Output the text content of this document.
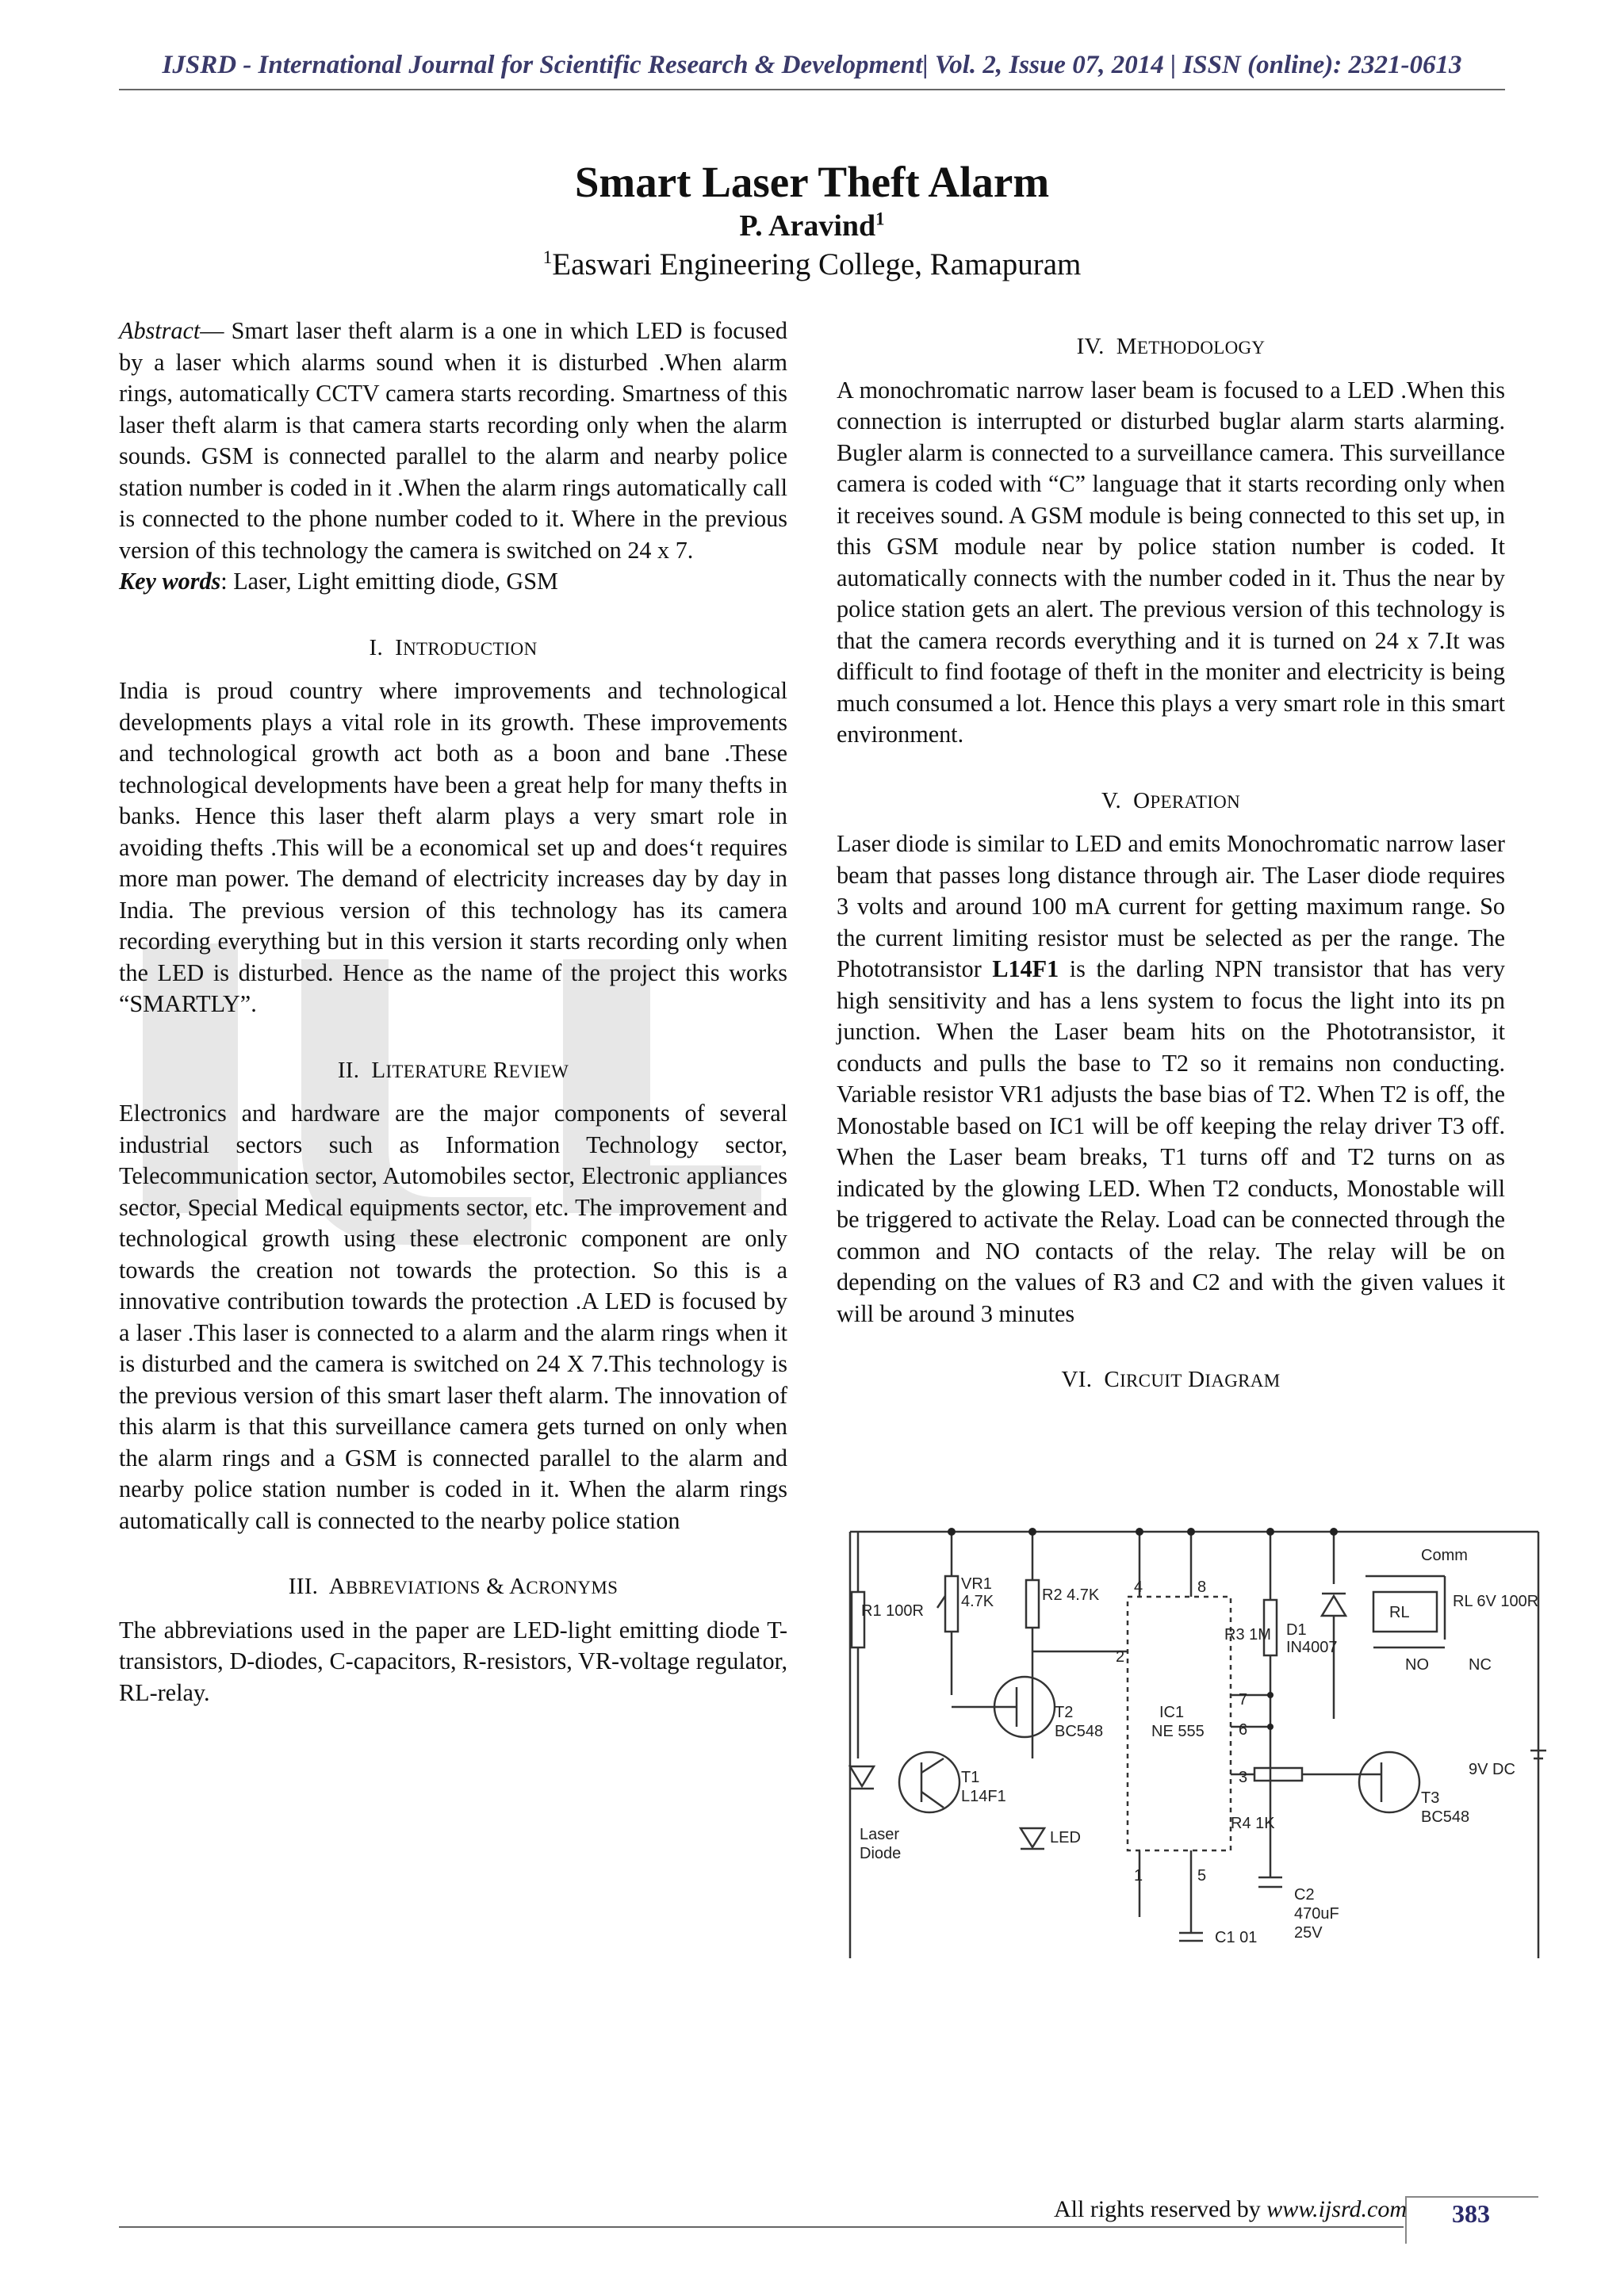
IJSRD - International Journal for Scientific Research & Development| Vol. 2, Issue 07, 2014 | ISSN (online): 2321-0613
Smart Laser Theft Alarm
P. Aravind$^1$
$^1$Easwari Engineering College, Ramapuram

Abstract— Smart laser theft alarm is a one in which LED is focused by a laser which alarms sound when it is disturbed .When alarm rings, automatically CCTV camera starts recording. Smartness of this laser theft alarm is that camera starts recording only when the alarm sounds. GSM is connected parallel to the alarm and nearby police station number is coded in it .When the alarm rings automatically call is connected to the phone number coded to it. Where in the previous version of this technology the camera is switched on 24 x 7.

Key words: Laser, Light emitting diode, GSM

I. INTRODUCTION

India is proud country where improvements and technological developments plays a vital role in its growth. These improvements and technological growth act both as a boon and bane .These technological developments have been a great help for many thefts in banks. Hence this laser theft alarm plays a very smart role in avoiding thefts .This will be a economical set up and does‘t requires more man power. The demand of electricity increases day by day in India. The previous version of this technology has its camera recording everything but in this version it starts recording only when the LED is disturbed. Hence as the name of the project this works “SMARTLY”.

II. LITERATURE REVIEW

Electronics and hardware are the major components of several industrial sectors such as Information Technology sector, Telecommunication sector, Automobiles sector, Electronic appliances sector, Special Medical equipments sector, etc. The improvement and technological growth using these electronic component are only towards the creation not towards the protection. So this is a innovative contribution towards the protection .A LED is focused by a laser .This laser is connected to a alarm and the alarm rings when it is disturbed and the camera is switched on 24 X 7.This technology is the previous version of this smart laser theft alarm. The innovation of this alarm is that this surveillance camera gets turned on only when the alarm rings and a GSM is connected parallel to the alarm and nearby police station number is coded in it. When the alarm rings automatically call is connected to the nearby police station

III. ABBREVIATIONS & ACRONYMS

The abbreviations used in the paper are LED-light emitting diode T-transistors, D-diodes, C-capacitors, R-resistors, VR-voltage regulator, RL-relay.

IV. METHODOLOGY

A monochromatic narrow laser beam is focused to a LED .When this connection is interrupted or disturbed buglar alarm starts alarming. Bugler alarm is connected to a surveillance camera. This surveillance camera is coded with “C” language that it starts recording only when it receives sound. A GSM module is being connected to this set up, in this GSM module near by police station number is coded. It automatically connects with the number coded in it. Thus the near by police station gets an alert. The previous version of this technology is that the camera records everything and it is turned on 24 x 7.It was difficult to find footage of theft in the moniter and electricity is being much consumed a lot. Hence this plays a very smart role in this smart environment.

V. OPERATION

Laser diode is similar to LED and emits Monochromatic narrow laser beam that passes long distance through air. The Laser diode requires 3 volts and around 100 mA current for getting maximum range. So the current limiting resistor must be selected as per the range. The Phototransistor L14F1 is the darling NPN transistor that has very high sensitivity and has a lens system to focus the light into its pn junction. When the Laser beam hits on the Phototransistor, it conducts and pulls the base to T2 so it remains non conducting. Variable resistor VR1 adjusts the base bias of T2. When T2 is off, the Monostable based on IC1 will be off keeping the relay driver T3 off. When the Laser beam breaks, T1 turns off and T2 turns on as indicated by the glowing LED. When T2 conducts, Monostable will be triggered to activate the Relay. Load can be connected through the common and NO contacts of the relay. The relay will be on depending on the values of R3 and C2 and with the given values it will be around 3 minutes

VI. CIRCUIT DIAGRAM
R1 100R
VR1
4.7K	R2 4.7K 4	8
2
7
6
3
1	5
R3 1M D1
IN4007
RL
Comm
RL 6V 100R
NO	NC
T2
BC548
IC1
NE 555
T1
L14F1
LED
Laser
Diode
R4 1K
T3
BC548
9V DC
C1 01
C2
470uF
25V
All rights reserved by www.ijsrd.com	383
